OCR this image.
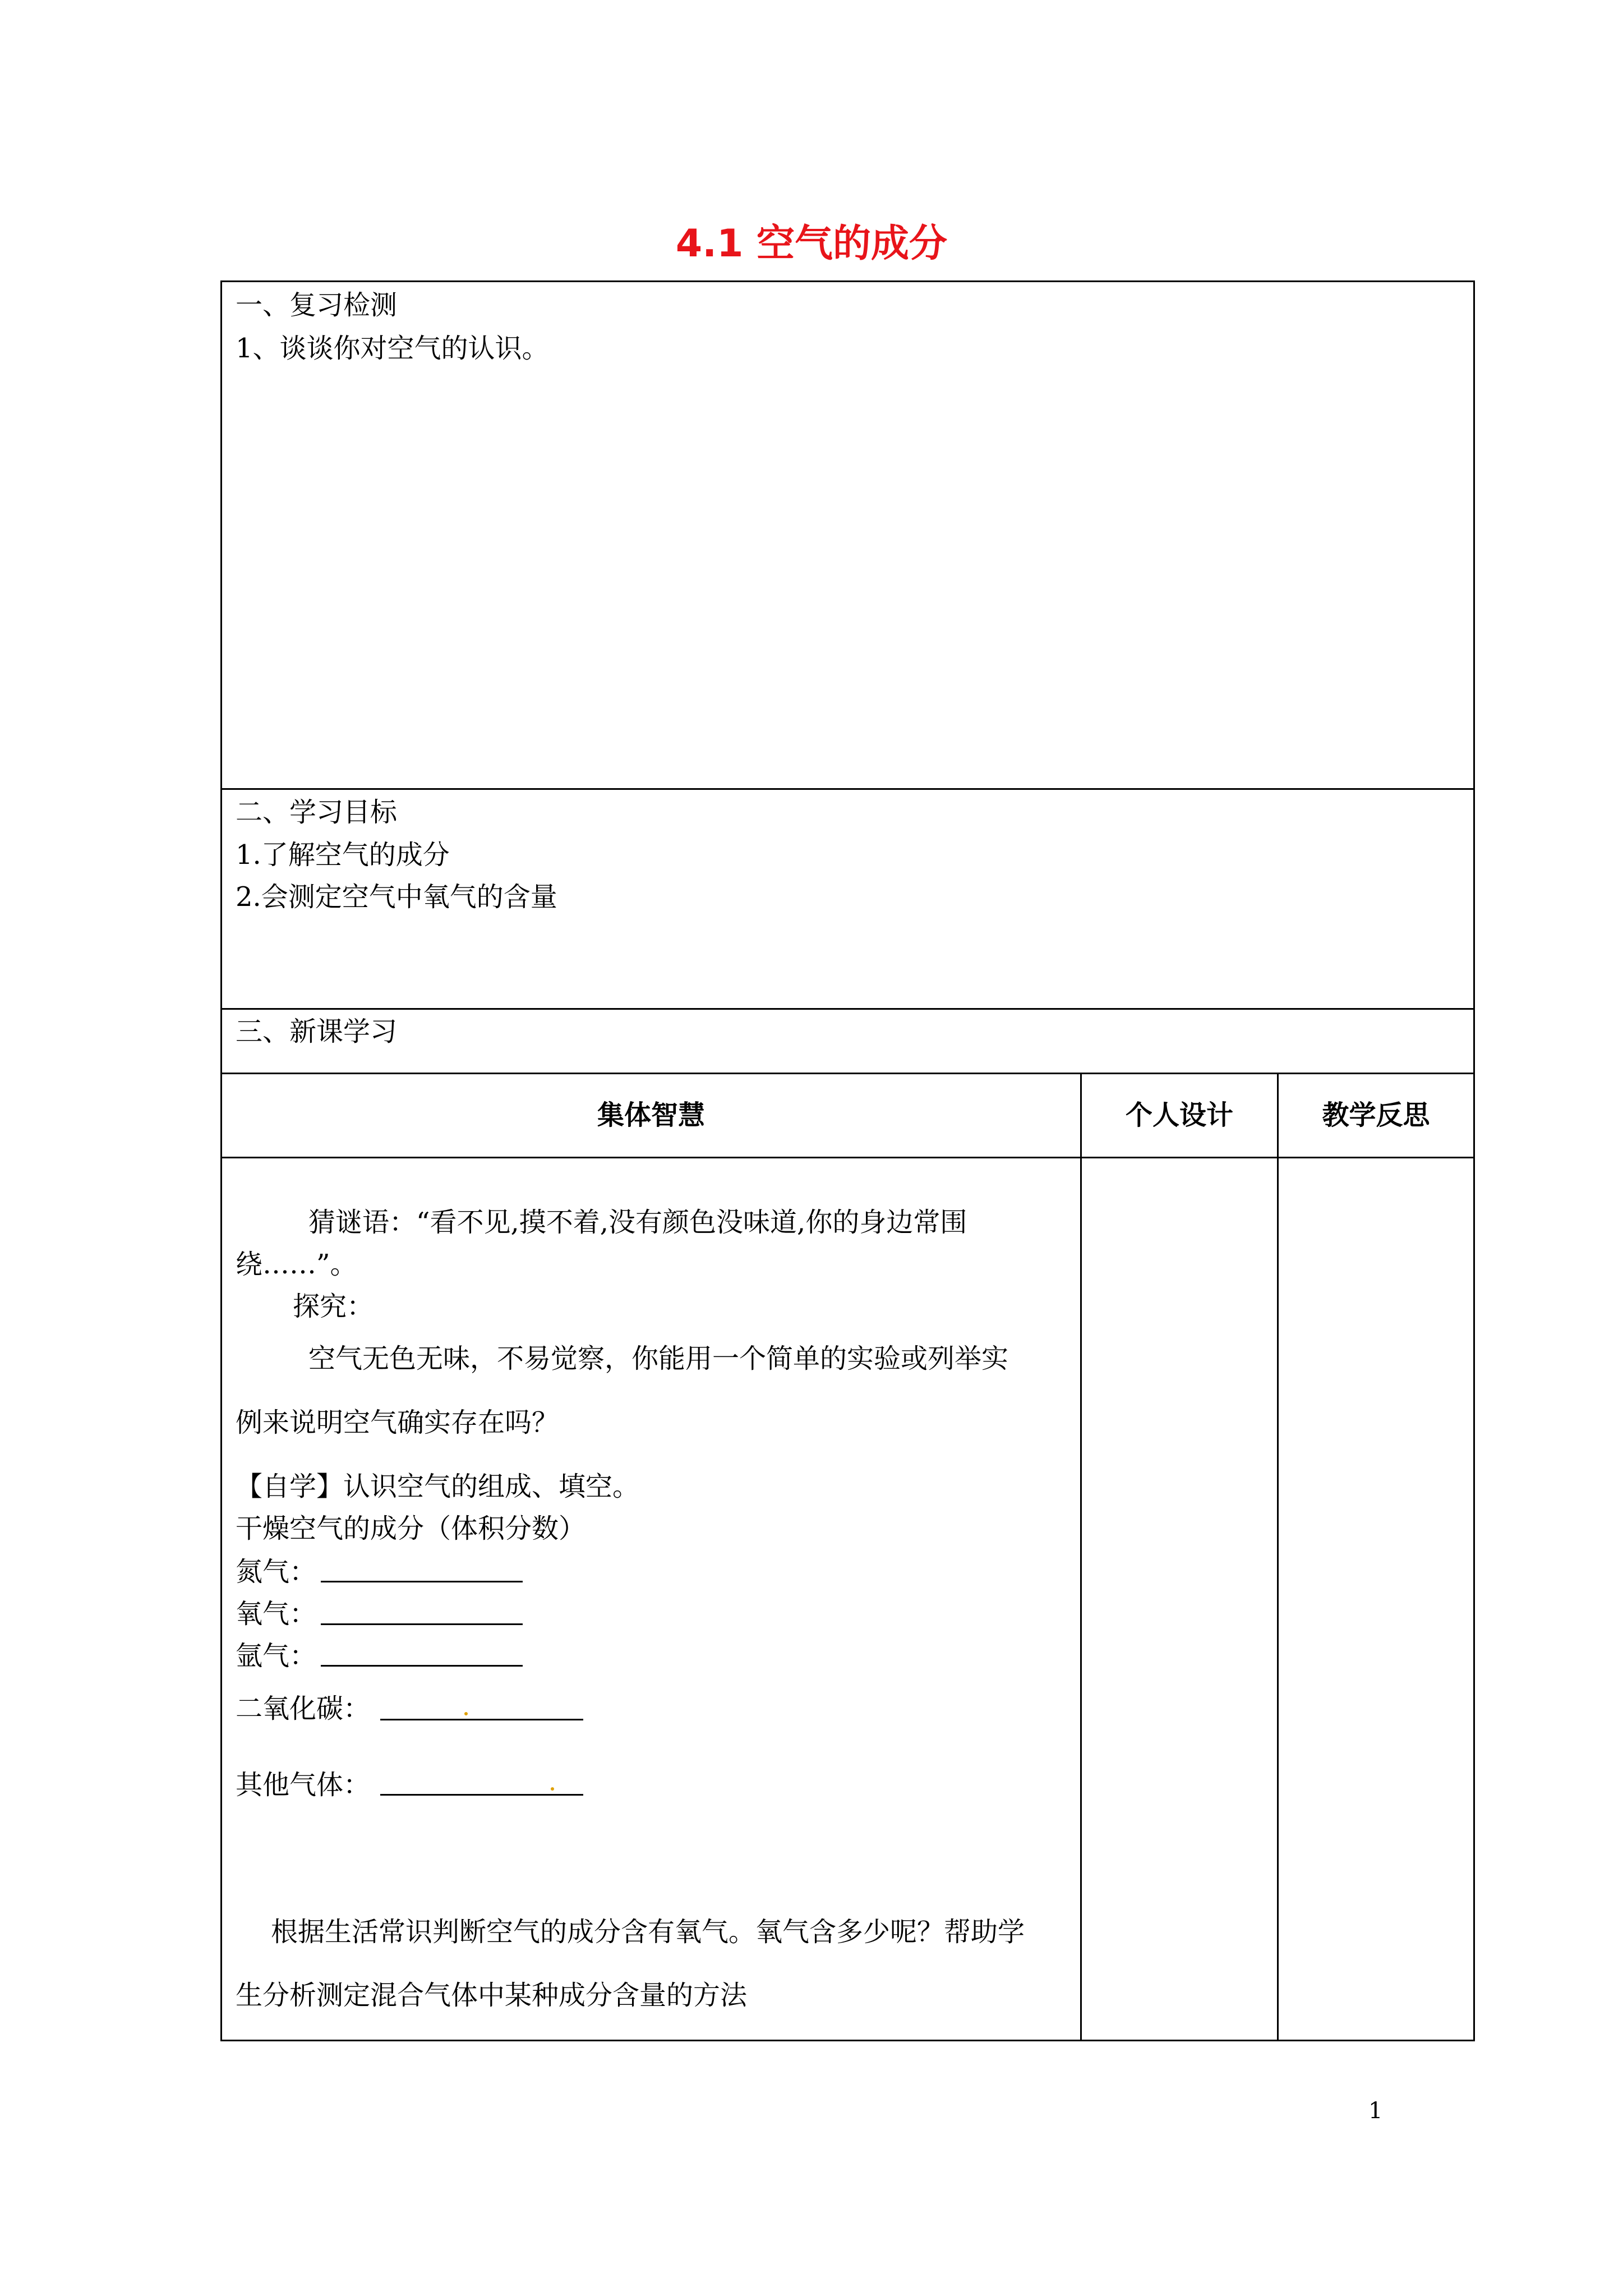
4.1 空气的成分
一、复习检测
1、谈谈你对空气的认识。
二、学习目标
1.了解空气的成分
2.会测定空气中氧气的含量
三、新课学习
集体智慧	个人设计	教学反思
猜谜语：“看不见,摸不着,没有颜色没味道,你的身边常围
绕……”。
探究：
空气无色无味，不易觉察，你能用一个简单的实验或列举实
例来说明空气确实存在吗？
【自学】认识空气的组成、填空。
干燥空气的成分（体积分数）
氮气：
氧气：
氩气：
二氧化碳：
其他气体：
根据生活常识判断空气的成分含有氧气。氧气含多少呢？帮助学
生分析测定混合气体中某种成分含量的方法
1
